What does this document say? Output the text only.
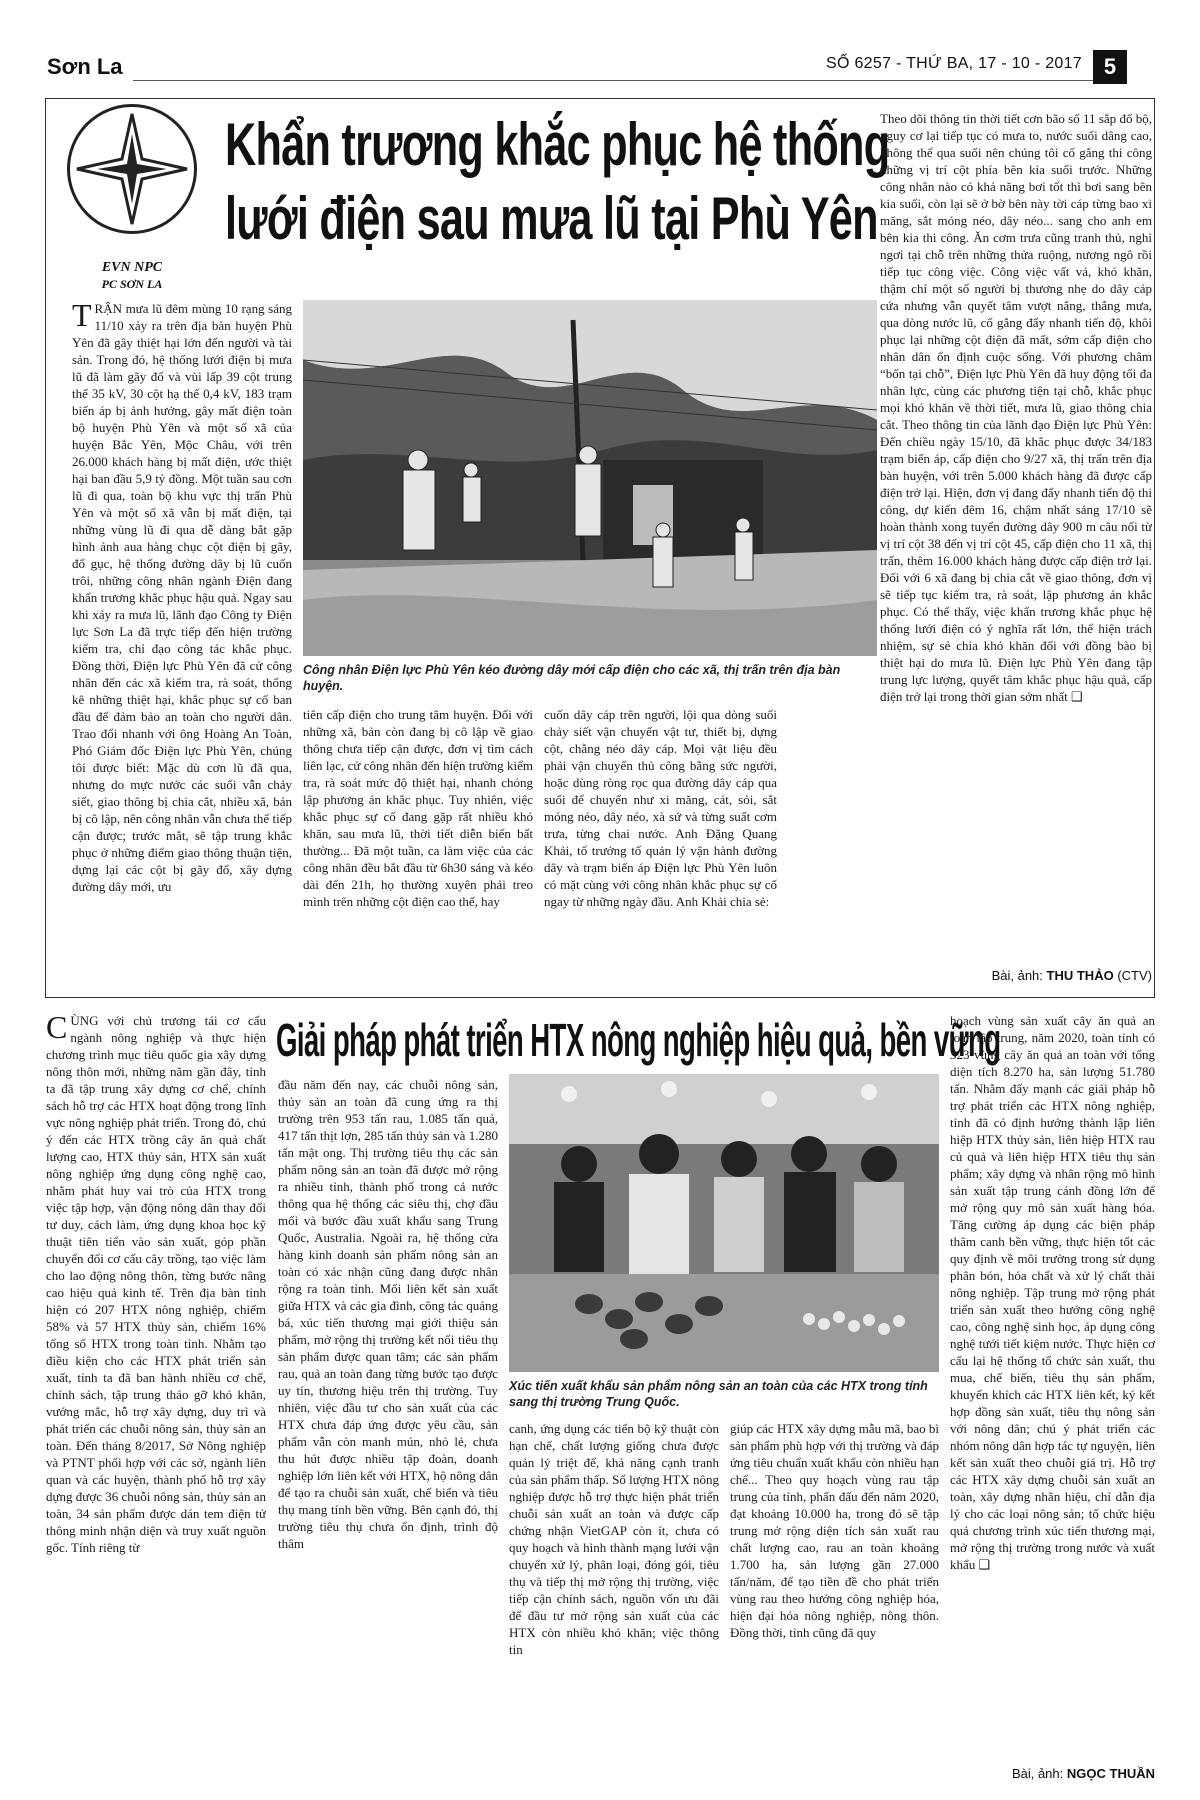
Sơn La	SỐ 6257 - THỨ BA, 17 - 10 - 2017 5
EVN NPC
PC SƠN LA
Khẩn trương khắc phục hệ thống
lưới điện sau mưa lũ tại Phù Yên
TRẬN mưa lũ đêm mùng 10 rạng sáng 11/10 xảy ra trên địa bàn huyện Phù Yên đã gây thiệt hại lớn đến người và tài sản. Trong đó, hệ thống lưới điện bị mưa lũ đã làm gãy đổ và vùi lấp 39 cột trung thế 35 kV, 30 cột hạ thế 0,4 kV, 183 trạm biến áp bị ảnh hưởng, gây mất điện toàn bộ huyện Phù Yên và một số xã của huyện Bắc Yên, Mộc Châu, với trên 26.000 khách hàng bị mất điện, ước thiệt hại ban đầu 5,9 tỷ đồng. Một tuần sau cơn lũ đi qua, toàn bộ khu vực thị trấn Phù Yên và một số xã vẫn bị mất điện, tại những vùng lũ đi qua dễ dàng bắt gặp hình ảnh aua hàng chục cột điện bị gãy, đổ gục, hệ thống đường dây bị lũ cuốn trôi, những công nhân ngành Điện đang khẩn trương khắc phục hậu quả. Ngay sau khi xảy ra mưa lũ, lãnh đạo Công ty Điện lực Sơn La đã trực tiếp đến hiện trường kiểm tra, chỉ đạo công tác khắc phục. Đồng thời, Điện lực Phù Yên đã cử công nhân đến các xã kiểm tra, rà soát, thống kê những thiệt hại, khắc phục sự cố ban đầu để đảm bảo an toàn cho người dân. Trao đổi nhanh với ông Hoàng An Toàn, Phó Giám đốc Điện lực Phù Yên, chúng tôi được biết: Mặc dù cơn lũ đã qua, nhưng do mực nước các suối vẫn chảy siết, giao thông bị chia cắt, nhiều xã, bản bị cô lập, nên công nhân vẫn chưa thể tiếp cận được; trước mắt, sẽ tập trung khắc phục ở những điểm giao thông thuận tiện, dựng lại các cột bị gãy đổ, xây dựng đường dây mới, ưu
Công nhân Điện lực Phù Yên kéo đường dây mới cấp điện cho các xã, thị trấn trên địa bàn huyện.
tiên cấp điện cho trung tâm huyện. Đối với những xã, bản còn đang bị cô lập về giao thông chưa tiếp cận được, đơn vị tìm cách liên lạc, cử công nhân đến hiện trường kiểm tra, rà soát mức độ thiệt hại, nhanh chóng lập phương án khắc phục. Tuy nhiên, việc khắc phục sự cố đang gặp rất nhiều khó khăn, sau mưa lũ, thời tiết diễn biến bất thường... Đã một tuần, ca làm việc của các công nhân đều bắt đầu từ 6h30 sáng và kéo dài đến 21h, họ thường xuyên phải treo mình trên những cột điện cao thế, hay
cuốn dây cáp trên người, lội qua dòng suối chảy siết vận chuyển vật tư, thiết bị, dựng cột, chằng néo dây cáp. Mọi vật liệu đều phải vận chuyển thủ công bằng sức người, hoặc dùng ròng rọc qua đường dây cáp qua suối để chuyển như xi măng, cát, sỏi, sắt móng néo, dây néo, xà sứ và từng suất cơm trưa, từng chai nước. Anh Đặng Quang Khải, tổ trưởng tổ quản lý vận hành đường dây và trạm biến áp Điện lực Phù Yên luôn có mặt cùng với công nhân khắc phục sự cố ngay từ những ngày đầu. Anh Khải chia sẻ:
Theo dõi thông tin thời tiết cơn bão số 11 sắp đổ bộ, nguy cơ lại tiếp tục có mưa to, nước suối dâng cao, không thể qua suối nên chúng tôi cố gắng thi công những vị trí cột phía bên kia suối trước. Những công nhân nào có khả năng bơi tốt thì bơi sang bên kia suối, còn lại sẽ ở bờ bên này tời cáp từng bao xi măng, sắt móng néo, dây néo... sang cho anh em bên kia thi công. Ăn cơm trưa cũng tranh thủ, nghỉ ngơi tại chỗ trên những thửa ruộng, nương ngô rồi tiếp tục công việc. Công việc vất vả, khó khăn, thậm chí một số người bị thương nhẹ do dây cáp cứa nhưng vẫn quyết tâm vượt nắng, thắng mưa, qua dòng nước lũ, cố gắng đẩy nhanh tiến độ, khôi phục lại những cột điện đã mất, sớm cấp điện cho nhân dân ổn định cuộc sống. Với phương châm “bốn tại chỗ”, Điện lực Phù Yên đã huy động tối đa nhân lực, cùng các phương tiện tại chỗ, khắc phục mọi khó khăn về thời tiết, mưa lũ, giao thông chia cắt. Theo thông tin của lãnh đạo Điện lực Phù Yên: Đến chiều ngày 15/10, đã khắc phục được 34/183 trạm biến áp, cấp điện cho 9/27 xã, thị trấn trên địa bàn huyện, với trên 5.000 khách hàng đã được cấp điện trở lại. Hiện, đơn vị đang đẩy nhanh tiến độ thi công, dự kiến đêm 16, chậm nhất sáng 17/10 sẽ hoàn thành xong tuyến đường dây 900 m câu nối từ vị trí cột 38 đến vị trí cột 45, cấp điện cho 11 xã, thị trấn, thêm 16.000 khách hàng được cấp điện trở lại. Đối với 6 xã đang bị chia cắt về giao thông, đơn vị sẽ tiếp tục kiểm tra, rà soát, lập phương án khắc phục. Có thể thấy, việc khẩn trương khắc phục hệ thống lưới điện có ý nghĩa rất lớn, thể hiện trách nhiệm, sự sẻ chia khó khăn đối với đồng bào bị thiệt hại do mưa lũ. Điện lực Phù Yên đang tập trung lực lượng, quyết tâm khắc phục hậu quả, cấp điện trở lại trong thời gian sớm nhất ❑
Bài, ảnh: THU THẢO (CTV)
Giải pháp phát triển HTX nông nghiệp hiệu quả, bền vững
CÙNG với chủ trương tái cơ cấu ngành nông nghiệp và thực hiện chương trình mục tiêu quốc gia xây dựng nông thôn mới, những năm gần đây, tỉnh ta đã tập trung xây dựng cơ chế, chính sách hỗ trợ các HTX hoạt động trong lĩnh vực nông nghiệp phát triển. Trong đó, chú ý đến các HTX trồng cây ăn quả chất lượng cao, HTX thủy sản, HTX sản xuất nông nghiệp ứng dụng công nghệ cao, nhằm phát huy vai trò của HTX trong việc tập hợp, vận động nông dân thay đổi tư duy, cách làm, ứng dụng khoa học kỹ thuật tiên tiến vào sản xuất, góp phần chuyển đổi cơ cấu cây trồng, tạo việc làm cho lao động nông thôn, từng bước nâng cao hiệu quả kinh tế. Trên địa bàn tỉnh hiện có 207 HTX nông nghiệp, chiếm 58% và 57 HTX thủy sản, chiếm 16% tổng số HTX trong toàn tỉnh. Nhằm tạo điều kiện cho các HTX phát triển sản xuất, tỉnh ta đã ban hành nhiều cơ chế, chính sách, tập trung tháo gỡ khó khăn, vướng mắc, hỗ trợ xây dựng, duy trì và phát triển các chuỗi nông sản, thủy sản an toàn. Đến tháng 8/2017, Sở Nông nghiệp và PTNT phối hợp với các sở, ngành liên quan và các huyện, thành phố hỗ trợ xây dựng được 36 chuỗi nông sản, thủy sản an toàn, 34 sản phẩm được dán tem điện tử thông minh nhận diện và truy xuất nguồn gốc. Tính riêng từ
đầu năm đến nay, các chuỗi nông sản, thủy sản an toàn đã cung ứng ra thị trường trên 953 tấn rau, 1.085 tấn quả, 417 tấn thịt lợn, 285 tấn thủy sản và 1.280 tấn mật ong. Thị trường tiêu thụ các sản phẩm nông sản an toàn đã được mở rộng ra nhiều tỉnh, thành phố trong cả nước thông qua hệ thống các siêu thị, chợ đầu mối và bước đầu xuất khẩu sang Trung Quốc, Australia. Ngoài ra, hệ thống cửa hàng kinh doanh sản phẩm nông sản an toàn có xác nhận cũng đang được nhân rộng ra toàn tỉnh. Mối liên kết sản xuất giữa HTX và các gia đình, công tác quảng bá, xúc tiến thương mại giới thiệu sản phẩm, mở rộng thị trường kết nối tiêu thụ sản phẩm được quan tâm; các sản phẩm rau, quả an toàn đang từng bước tạo được uy tín, thương hiệu trên thị trường. Tuy nhiên, việc đầu tư cho sản xuất của các HTX chưa đáp ứng được yêu cầu, sản phẩm vẫn còn manh mún, nhỏ lẻ, chưa thu hút được nhiều tập đoàn, doanh nghiệp lớn liên kết với HTX, hộ nông dân để tạo ra chuỗi sản xuất, chế biến và tiêu thụ mang tính bền vững. Bên cạnh đó, thị trường tiêu thụ chưa ổn định, trình độ thâm
Xúc tiến xuất khẩu sản phẩm nông sản an toàn của các HTX trong tỉnh sang thị trường Trung Quốc.
canh, ứng dụng các tiến bộ kỹ thuật còn hạn chế, chất lượng giống chưa được quản lý triệt để, khả năng cạnh tranh của sản phẩm thấp. Số lượng HTX nông nghiệp được hỗ trợ thực hiện phát triển chuỗi sản xuất an toàn và được cấp chứng nhận VietGAP còn ít, chưa có quy hoạch và hình thành mạng lưới vận chuyển xử lý, phân loại, đóng gói, tiêu thụ và tiếp thị mở rộng thị trường, việc tiếp cận chính sách, nguồn vốn ưu đãi để đầu tư mở rộng sản xuất của các HTX còn nhiều khó khăn; việc thông tin
giúp các HTX xây dựng mẫu mã, bao bì sản phẩm phù hợp với thị trường và đáp ứng tiêu chuẩn xuất khẩu còn nhiều hạn chế... Theo quy hoạch vùng rau tập trung của tỉnh, phấn đấu đến năm 2020, đạt khoảng 10.000 ha, trong đó sẽ tập trung mở rộng diện tích sản xuất rau chất lượng cao, rau an toàn khoảng 1.700 ha, sản lượng gần 27.000 tấn/năm, để tạo tiền đề cho phát triển vùng rau theo hướng công nghiệp hóa, hiện đại hóa nông nghiệp, nông thôn. Đồng thời, tỉnh cũng đã quy
hoạch vùng sản xuất cây ăn quả an toàn tập trung, năm 2020, toàn tỉnh có 323 vùng cây ăn quả an toàn với tổng diện tích 8.270 ha, sản lượng 51.780 tấn. Nhằm đẩy mạnh các giải pháp hỗ trợ phát triển các HTX nông nghiệp, tỉnh đã có định hướng thành lập liên hiệp HTX thủy sản, liên hiệp HTX rau củ quả và liên hiệp HTX tiêu thụ sản phẩm; xây dựng và nhân rộng mô hình sản xuất tập trung cánh đồng lớn để mở rộng quy mô sản xuất hàng hóa. Tăng cường áp dụng các biện pháp thâm canh bền vững, thực hiện tốt các quy định về môi trường trong sử dụng phân bón, hóa chất và xử lý chất thải nông nghiệp. Tập trung mở rộng phát triển sản xuất theo hướng công nghệ cao, công nghệ sinh học, áp dụng công nghệ tưới tiết kiệm nước. Thực hiện cơ cấu lại hệ thống tổ chức sản xuất, thu mua, chế biến, tiêu thụ sản phẩm, khuyến khích các HTX liên kết, ký kết hợp đồng sản xuất, tiêu thụ nông sản với nông dân; chú ý phát triển các nhóm nông dân hợp tác tự nguyện, liên kết sản xuất theo chuỗi giá trị. Hỗ trợ các HTX xây dựng chuỗi sản xuất an toàn, xây dựng nhãn hiệu, chỉ dẫn địa lý cho các loại nông sản; tổ chức hiệu quả chương trình xúc tiến thương mại, mở rộng thị trường trong nước và xuất khẩu ❑
Bài, ảnh: NGỌC THUẦN
